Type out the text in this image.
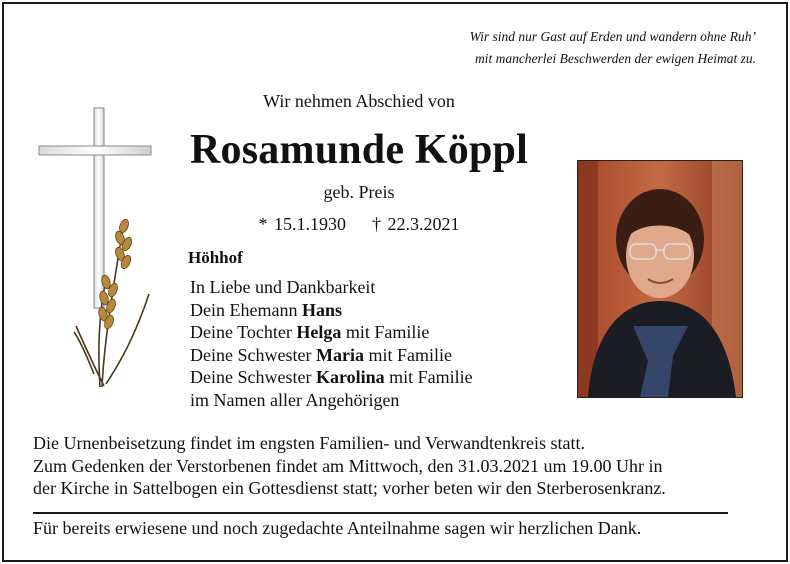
Wir sind nur Gast auf Erden und wandern ohne Ruh’
mit mancherlei Beschwerden der ewigen Heimat zu.
Wir nehmen Abschied von
Rosamunde Köppl
geb. Preis
* 15.1.1930 † 22.3.2021
Höhhof
In Liebe und Dankbarkeit
Dein Ehemann Hans
Deine Tochter Helga mit Familie
Deine Schwester Maria mit Familie
Deine Schwester Karolina mit Familie
im Namen aller Angehörigen
Die Urnenbeisetzung findet im engsten Familien- und Verwandtenkreis statt.
Zum Gedenken der Verstorbenen findet am Mittwoch, den 31.03.2021 um 19.00 Uhr in
der Kirche in Sattelbogen ein Gottesdienst statt; vorher beten wir den Sterberosenkranz.
Für bereits erwiesene und noch zugedachte Anteilnahme sagen wir herzlichen Dank.
